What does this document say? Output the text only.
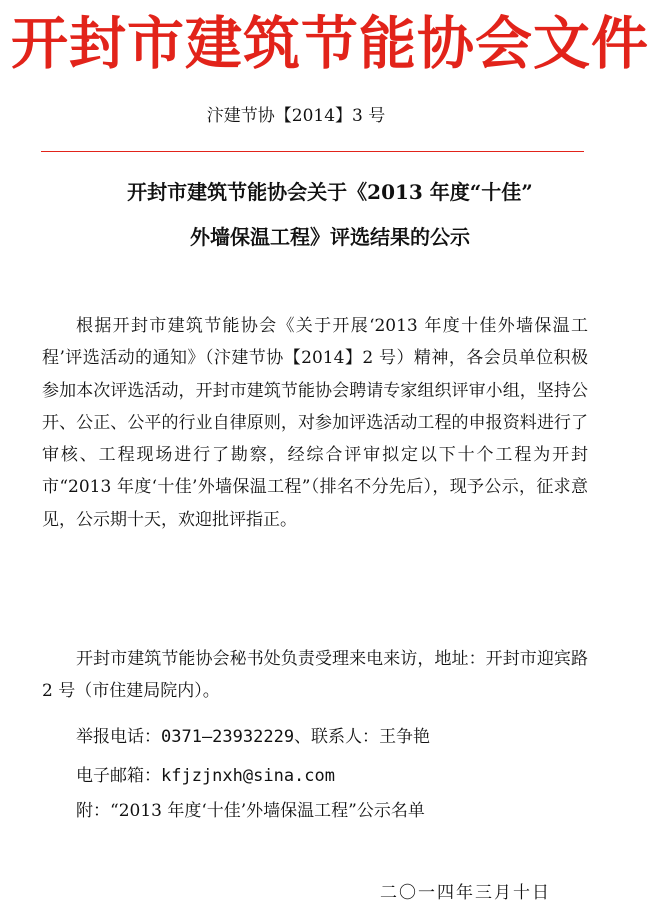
开封市建筑节能协会文件
汴建节协【2014】3 号
开封市建筑节能协会关于《2013 年度“十佳”
外墙保温工程》评选结果的公示

根据开封市建筑节能协会《关于开展‘2013 年度十佳外墙保温工程’评选活动的通知》（汴建节协【2014】2 号）精神，各会员单位积极参加本次评选活动，开封市建筑节能协会聘请专家组织评审小组，坚持公开、公正、公平的行业自律原则，对参加评选活动工程的申报资料进行了审核、工程现场进行了勘察，经综合评审拟定以下十个工程为开封市“2013 年度‘十佳’外墙保温工程”（排名不分先后），现予公示，征求意见，公示期十天，欢迎批评指正。

开封市建筑节能协会秘书处负责受理来电来访，地址：开封市迎宾路 2 号（市住建局院内）。

举报电话：0371—23932229、联系人：王争艳
电子邮箱：kfjzjnxh@sina.com
附：“2013 年度‘十佳’外墙保温工程”公示名单
二〇一四年三月十日
